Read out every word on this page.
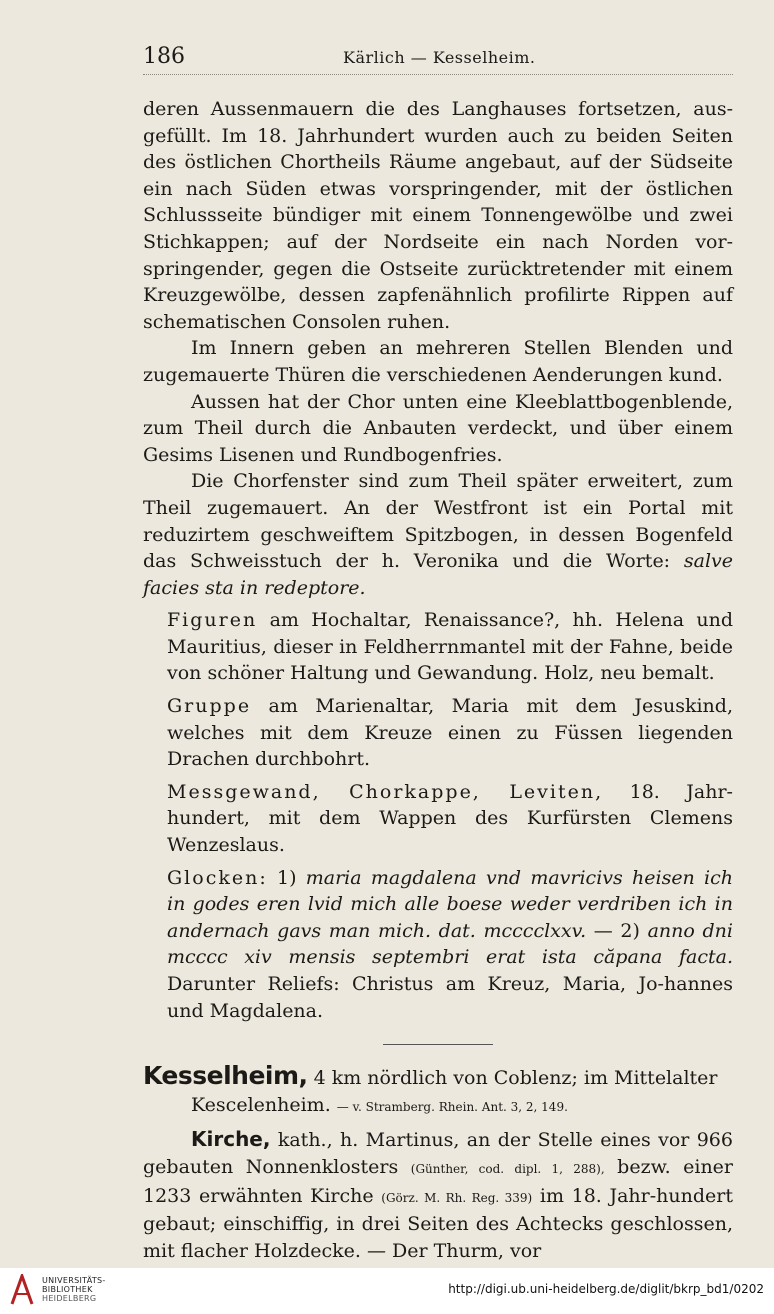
186	Kärlich — Kesselheim.

deren Aussenmauern die des Langhauses fortsetzen, aus-gefüllt. Im 18. Jahrhundert wurden auch zu beiden Seiten des östlichen Chortheils Räume angebaut, auf der Südseite ein nach Süden etwas vorspringender, mit der östlichen Schlussseite bündiger mit einem Tonnengewölbe und zwei Stichkappen; auf der Nordseite ein nach Norden vor-springender, gegen die Ostseite zurücktretender mit einem Kreuzgewölbe, dessen zapfenähnlich profilirte Rippen auf schematischen Consolen ruhen.

Im Innern geben an mehreren Stellen Blenden und zugemauerte Thüren die verschiedenen Aenderungen kund.

Aussen hat der Chor unten eine Kleeblattbogenblende, zum Theil durch die Anbauten verdeckt, und über einem Gesims Lisenen und Rundbogenfries.

Die Chorfenster sind zum Theil später erweitert, zum Theil zugemauert. An der Westfront ist ein Portal mit reduzirtem geschweiftem Spitzbogen, in dessen Bogenfeld das Schweisstuch der h. Veronika und die Worte: salve facies sta in redeptore.

Figuren am Hochaltar, Renaissance?, hh. Helena und Mauritius, dieser in Feldherrnmantel mit der Fahne, beide von schöner Haltung und Gewandung. Holz, neu bemalt.

Gruppe am Marienaltar, Maria mit dem Jesuskind, welches mit dem Kreuze einen zu Füssen liegenden Drachen durchbohrt.

Messgewand, Chorkappe, Leviten, 18. Jahr-hundert, mit dem Wappen des Kurfürsten Clemens Wenzeslaus.

Glocken: 1) maria magdalena vnd mavricivs heisen ich in godes eren lvid mich alle boese weder verdriben ich in andernach gavs man mich. dat. mcccclxxv. — 2) anno dni mcccc xiv mensis septembri erat ista căpana facta. Darunter Reliefs: Christus am Kreuz, Maria, Jo-hannes und Magdalena.

Kesselheim, 4 km nördlich von Coblenz; im Mittelalter

Kescelenheim. — v. Stramberg. Rhein. Ant. 3, 2, 149.

Kirche, kath., h. Martinus, an der Stelle eines vor 966 gebauten Nonnenklosters (Günther, cod. dipl. 1, 288), bezw. einer 1233 erwähnten Kirche (Görz. M. Rh. Reg. 339) im 18. Jahr-hundert gebaut; einschiffig, in drei Seiten des Achtecks geschlossen, mit flacher Holzdecke. — Der Thurm, vor

UNIVERSITÄTS-
BIBLIOTHEK
HEIDELBERG
http://digi.ub.uni-heidelberg.de/diglit/bkrp_bd1/0202
